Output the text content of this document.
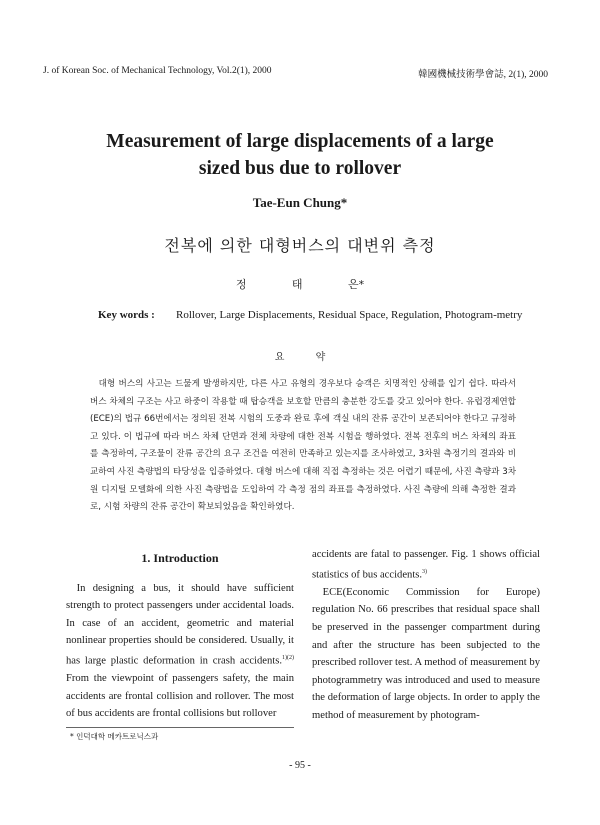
J. of Korean Soc. of Mechanical Technology, Vol.2(1), 2000	韓國機械技術學會誌, 2(1), 2000
Measurement of large displacements of a large
sized bus due to rollover
Tae-Eun Chung*
전복에 의한 대형버스의 대변위 측정
정 태 은*
Key words : Rollover, Large Displacements, Residual Space, Regulation, Photogram-metry
요 약
대형 버스의 사고는 드물게 발생하지만, 다른 사고 유형의 경우보다 승객은 치명적인 상해를 입기 쉽다. 따라서 버스 차체의 구조는 사고 하중이 작용할 때 탑승객을 보호할 만큼의 충분한 강도를 갖고 있어야 한다. 유럽경제연합(ECE)의 법규 66번에서는 정의된 전복 시험의 도중과 완료 후에 객실 내의 잔류 공간이 보존되어야 한다고 규정하고 있다. 이 법규에 따라 버스 차체 단면과 전체 차량에 대한 전복 시험을 행하였다. 전복 전후의 버스 차체의 좌표를 측정하여, 구조물이 잔류 공간의 요구 조건을 여전히 만족하고 있는지를 조사하였고, 3차원 측정기의 결과와 비교하여 사진 측량법의 타당성을 입증하였다. 대형 버스에 대해 직접 측정하는 것은 어렵기 때문에, 사진 측량과 3차원 디지털 모델화에 의한 사진 측량법을 도입하여 각 측정 점의 좌표를 측정하였다. 사진 측량에 의해 측정한 결과로, 시험 차량의 잔류 공간이 확보되었음을 확인하였다.
1. Introduction

In designing a bus, it should have sufficient strength to protect passengers under accidental loads. In case of an accident, geometric and material nonlinear properties should be considered. Usually, it has large plastic deformation in crash accidents.$^{1)(2)}$ From the viewpoint of passengers safety, the main accidents are frontal collision and rollover. The most of bus accidents are frontal collisions but rollover

accidents are fatal to passenger. Fig. 1 shows official statistics of bus accidents.$^{3)}$

ECE(Economic Commission for Europe) regulation No. 66 prescribes that residual space shall be preserved in the passenger compartment during and after the structure has been subjected to the prescribed rollover test. A method of measurement by photogrammetry was introduced and used to measure the deformation of large objects. In order to apply the method of measurement by photogram-

* 인덕대학 메카트로닉스과
- 95 -
